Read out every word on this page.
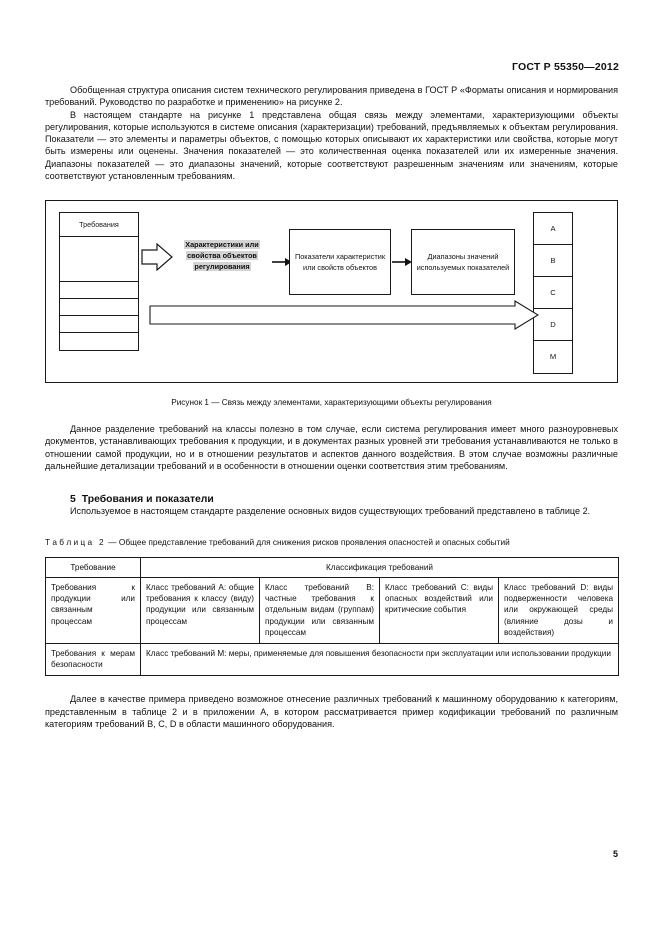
ГОСТ Р 55350—2012

Обобщенная структура описания систем технического регулирования приведена в ГОСТ Р «Форматы описания и нормирования требований. Руководство по разработке и применению» на рисунке 2.

В настоящем стандарте на рисунке 1 представлена общая связь между элементами, характеризующими объекты регулирования, которые используются в системе описания (характеризации) требований, предъявляемых к объектам регулирования. Показатели — это элементы и параметры объектов, с помощью которых описывают их характеристики или свойства, которые могут быть измерены или оценены. Значения показателей — это количественная оценка показателей или их измеренные значения. Диапазоны показателей — это диапазоны значений, которые соответствуют разрешенным значениям или значениям, которые соответствуют установленным требованиям.

Требования
Характеристики или свойства объектов регулирования
Показатели характеристик или свойств объектов
Диапазоны значений используемых показателей
A
B
C
D
M
Рисунок 1 — Связь между элементами, характеризующими объекты регулирования

Данное разделение требований на классы полезно в том случае, если система регулирования имеет много разноуровневых документов, устанавливающих требования к продукции, и в документах разных уровней эти требования устанавливаются не только в отношении самой продукции, но и в отношении результатов и аспектов данного воздействия. В этом случае возможны различные дальнейшие детализации требований и в особенности в отношении оценки соответствия этим требованиям.

5 Требования и показатели

Используемое в настоящем стандарте разделение основных видов существующих требований представлено в таблице 2.

Т а б л и ц а 2 — Общее представление требований для снижения рисков проявления опасностей и опасных событий
Требование	Классификация требований			
Требования к продукции или связанным процессам	Класс требований A: общие требования к классу (виду) продукции или связанным процессам	Класс требований B: частные требования к отдельным видам (группам) продукции или связанным процессам	Класс требований C: виды опасных воздействий или критические события	Класс требований D: виды подверженности человека или окружающей среды (влияние дозы и воздействия)
Требования к мерам безопасности	Класс требований M: меры, применяемые для повышения безопасности при эксплуатации или использовании продукции			

Далее в качестве примера приведено возможное отнесение различных требований к машинному оборудованию к категориям, представленным в таблице 2 и в приложении А, в котором рассматривается пример кодификации требований по различным категориям требований B, C, D в области машинного оборудования.

5
